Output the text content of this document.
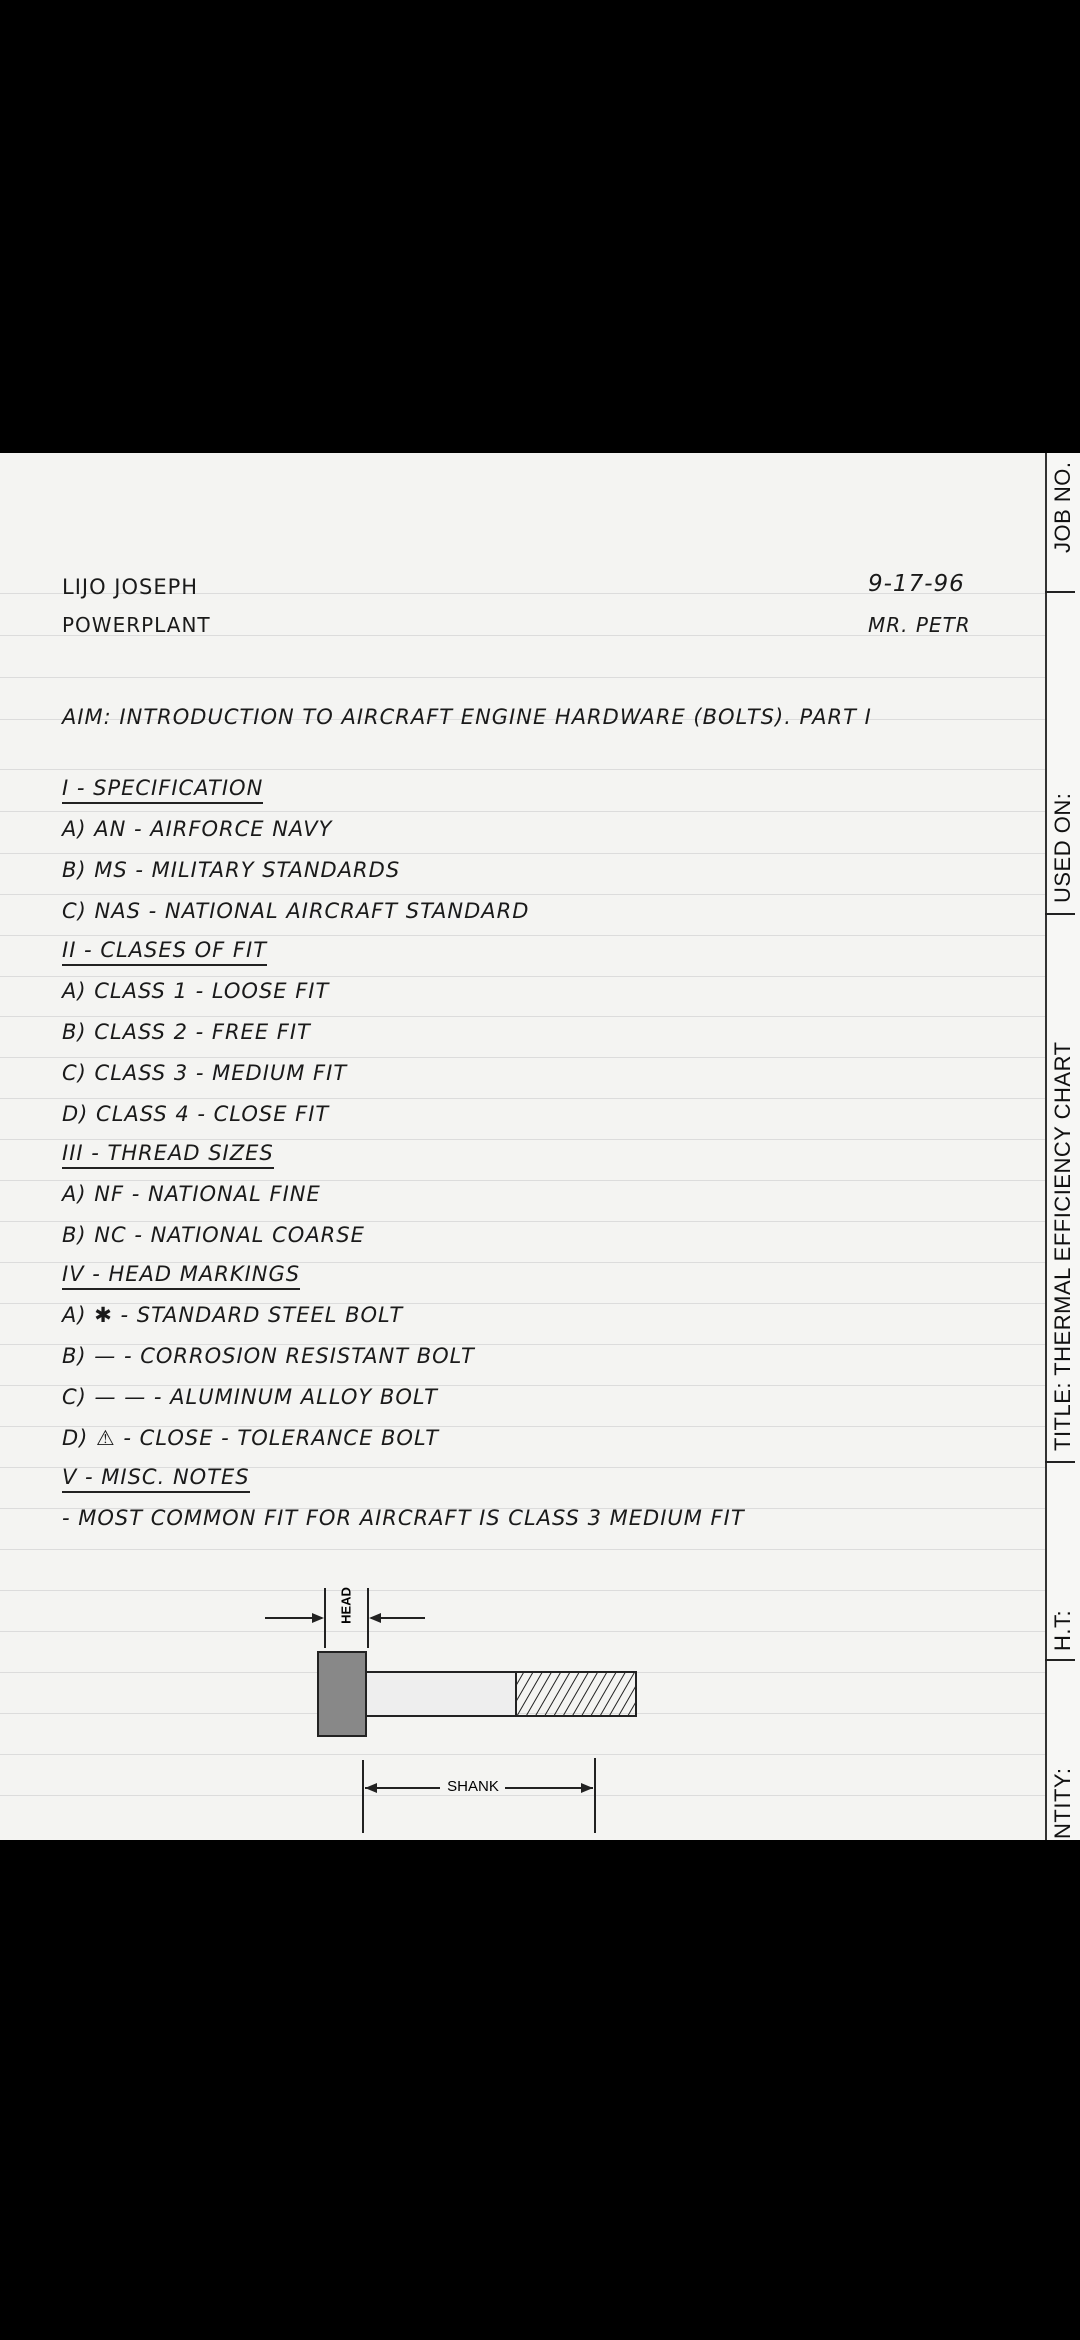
LIJO JOSEPH
POWERPLANT
9-17-96
MR. PETR
AIM: INTRODUCTION TO AIRCRAFT ENGINE HARDWARE (BOLTS). PART I
I - SPECIFICATION
A) AN - AIRFORCE NAVY
B) MS - MILITARY STANDARDS
C) NAS - NATIONAL AIRCRAFT STANDARD
II - CLASES OF FIT
A) CLASS 1 - LOOSE FIT
B) CLASS 2 - FREE FIT
C) CLASS 3 - MEDIUM FIT
D) CLASS 4 - CLOSE FIT
III - THREAD SIZES
A) NF - NATIONAL FINE
B) NC - NATIONAL COARSE
IV - HEAD MARKINGS
A) ✱ - STANDARD STEEL BOLT
B) — - CORROSION RESISTANT BOLT
C) — — - ALUMINUM ALLOY BOLT
D) ⚠ - CLOSE - TOLERANCE BOLT
V - MISC. NOTES
- MOST COMMON FIT FOR AIRCRAFT IS CLASS 3 MEDIUM FIT
HEAD
SHANK
JOB NO.
USED ON:
TITLE: THERMAL EFFICIENCY CHART
H.T:
NTITY:
